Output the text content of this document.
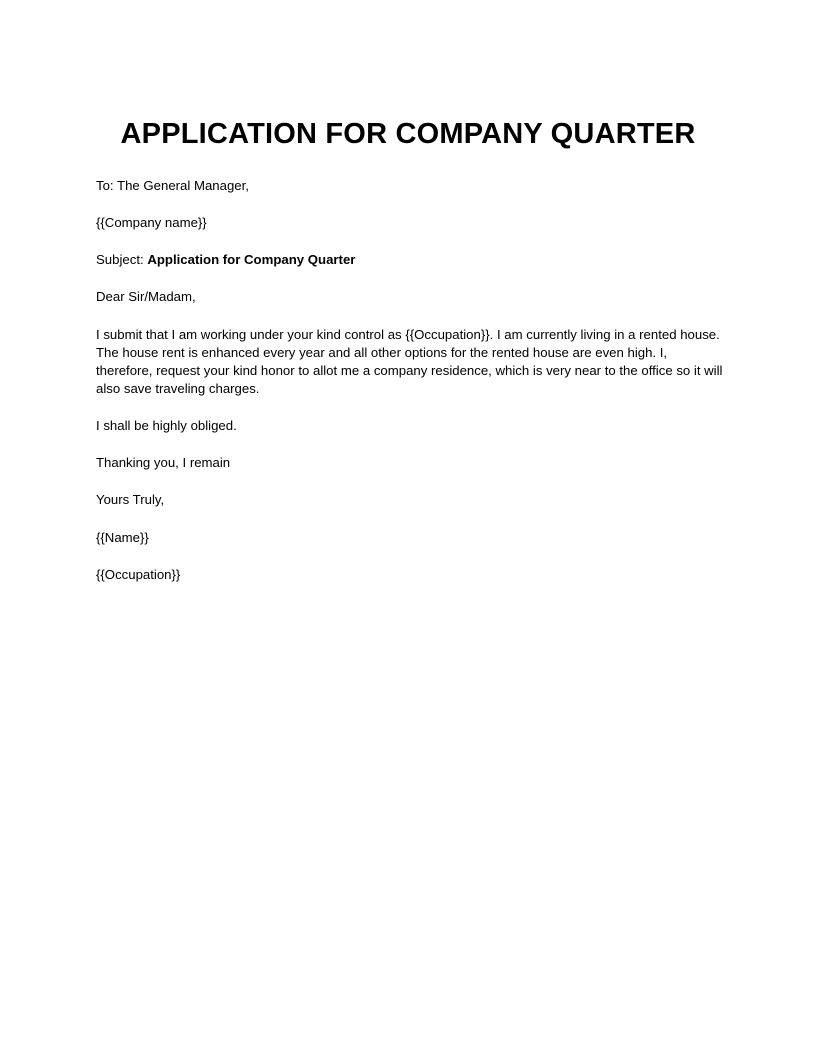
APPLICATION FOR COMPANY QUARTER

To: The General Manager,

{{Company name}}

Subject: Application for Company Quarter

Dear Sir/Madam,

I submit that I am working under your kind control as {{Occupation}}. I am currently living in a rented house. The house rent is enhanced every year and all other options for the rented house are even high. I, therefore, request your kind honor to allot me a company residence, which is very near to the office so it will also save traveling charges.

I shall be highly obliged.

Thanking you, I remain

Yours Truly,

{{Name}}

{{Occupation}}
